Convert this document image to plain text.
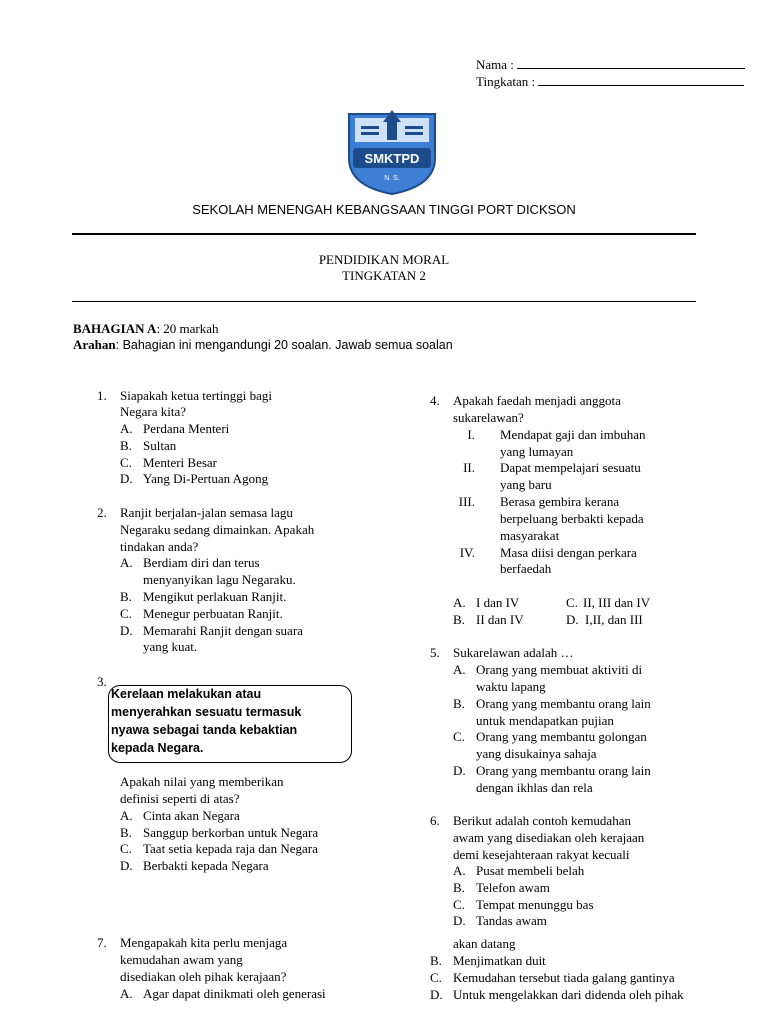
Nama :
Tingkatan :
SMKTPD
N. S.
SEKOLAH MENENGAH KEBANGSAAN TINGGI PORT DICKSON
PENDIDIKAN MORAL
TINGKATAN 2
BAHAGIAN A: 20 markah
Arahan: Bahagian ini mengandungi 20 soalan. Jawab semua soalan
1. Siapakah ketua tertinggi bagi
Negara kita?
A. Perdana Menteri
B. Sultan
C. Menteri Besar
D. Yang Di-Pertuan Agong
2. Ranjit berjalan-jalan semasa lagu
Negaraku sedang dimainkan. Apakah
tindakan anda?
A. Berdiam diri dan terus
menyanyikan lagu Negaraku.
B. Mengikut perlakuan Ranjit.
C. Menegur perbuatan Ranjit.
D. Memarahi Ranjit dengan suara
yang kuat.
3.
Kerelaan melakukan atau
menyerahkan sesuatu termasuk
nyawa sebagai tanda kebaktian
kepada Negara.
Apakah nilai yang memberikan
definisi seperti di atas?
A. Cinta akan Negara
B. Sanggup berkorban untuk Negara
C. Taat setia kepada raja dan Negara
D. Berbakti kepada Negara
7. Mengapakah kita perlu menjaga
kemudahan awam yang
disediakan oleh pihak kerajaan?
A. Agar dapat dinikmati oleh generasi
4. Apakah faedah menjadi anggota
sukarelawan?
I. Mendapat gaji dan imbuhan
yang lumayan
II. Dapat mempelajari sesuatu
yang baru
III. Berasa gembira kerana
berpeluang berbakti kepada
masyarakat
IV. Masa diisi dengan perkara
berfaedah
A. I dan IV	C. II, III dan IV
B. II dan IV	D. I,II, dan III
5. Sukarelawan adalah …
A. Orang yang membuat aktiviti di
waktu lapang
B. Orang yang membantu orang lain
untuk mendapatkan pujian
C. Orang yang membantu golongan
yang disukainya sahaja
D. Orang yang membantu orang lain
dengan ikhlas dan rela
6. Berikut adalah contoh kemudahan
awam yang disediakan oleh kerajaan
demi kesejahteraan rakyat kecuali
A. Pusat membeli belah
B. Telefon awam
C. Tempat menunggu bas
D. Tandas awam
akan datang
B. Menjimatkan duit
C. Kemudahan tersebut tiada galang gantinya
D. Untuk mengelakkan dari didenda oleh pihak
